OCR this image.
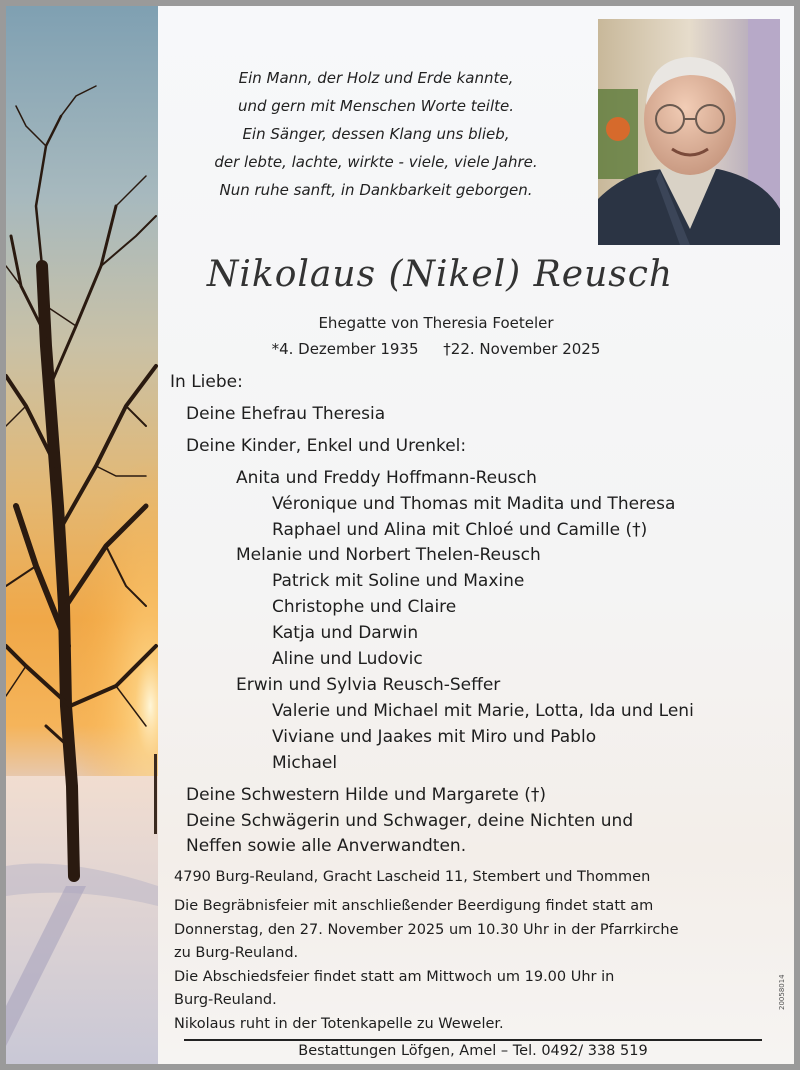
Ein Mann, der Holz und Erde kannte,
und gern mit Menschen Worte teilte.
Ein Sänger, dessen Klang uns blieb,
der lebte, lachte, wirkte - viele, viele Jahre.
Nun ruhe sanft, in Dankbarkeit geborgen.
Nikolaus (Nikel) Reusch
Ehegatte von Theresia Foeteler
*4. Dezember 1935 †22. November 2025
In Liebe:
Deine Ehefrau Theresia
Deine Kinder, Enkel und Urenkel:
Anita und Freddy Hoffmann-Reusch
Véronique und Thomas mit Madita und Theresa
Raphael und Alina mit Chloé und Camille (†)
Melanie und Norbert Thelen-Reusch
Patrick mit Soline und Maxine
Christophe und Claire
Katja und Darwin
Aline und Ludovic
Erwin und Sylvia Reusch-Seffer
Valerie und Michael mit Marie, Lotta, Ida und Leni
Viviane und Jaakes mit Miro und Pablo
Michael
Deine Schwestern Hilde und Margarete (†)
Deine Schwägerin und Schwager, deine Nichten und
Neffen sowie alle Anverwandten.
4790 Burg-Reuland, Gracht Lascheid 11, Stembert und Thommen
Die Begräbnisfeier mit anschließender Beerdigung findet statt am
Donnerstag, den 27. November 2025 um 10.30 Uhr in der Pfarrkirche
zu Burg-Reuland.
Die Abschiedsfeier findet statt am Mittwoch um 19.00 Uhr in
Burg-Reuland.
Nikolaus ruht in der Totenkapelle zu Weweler.
Bestattungen Löfgen, Amel – Tel. 0492/ 338 519
20058014
